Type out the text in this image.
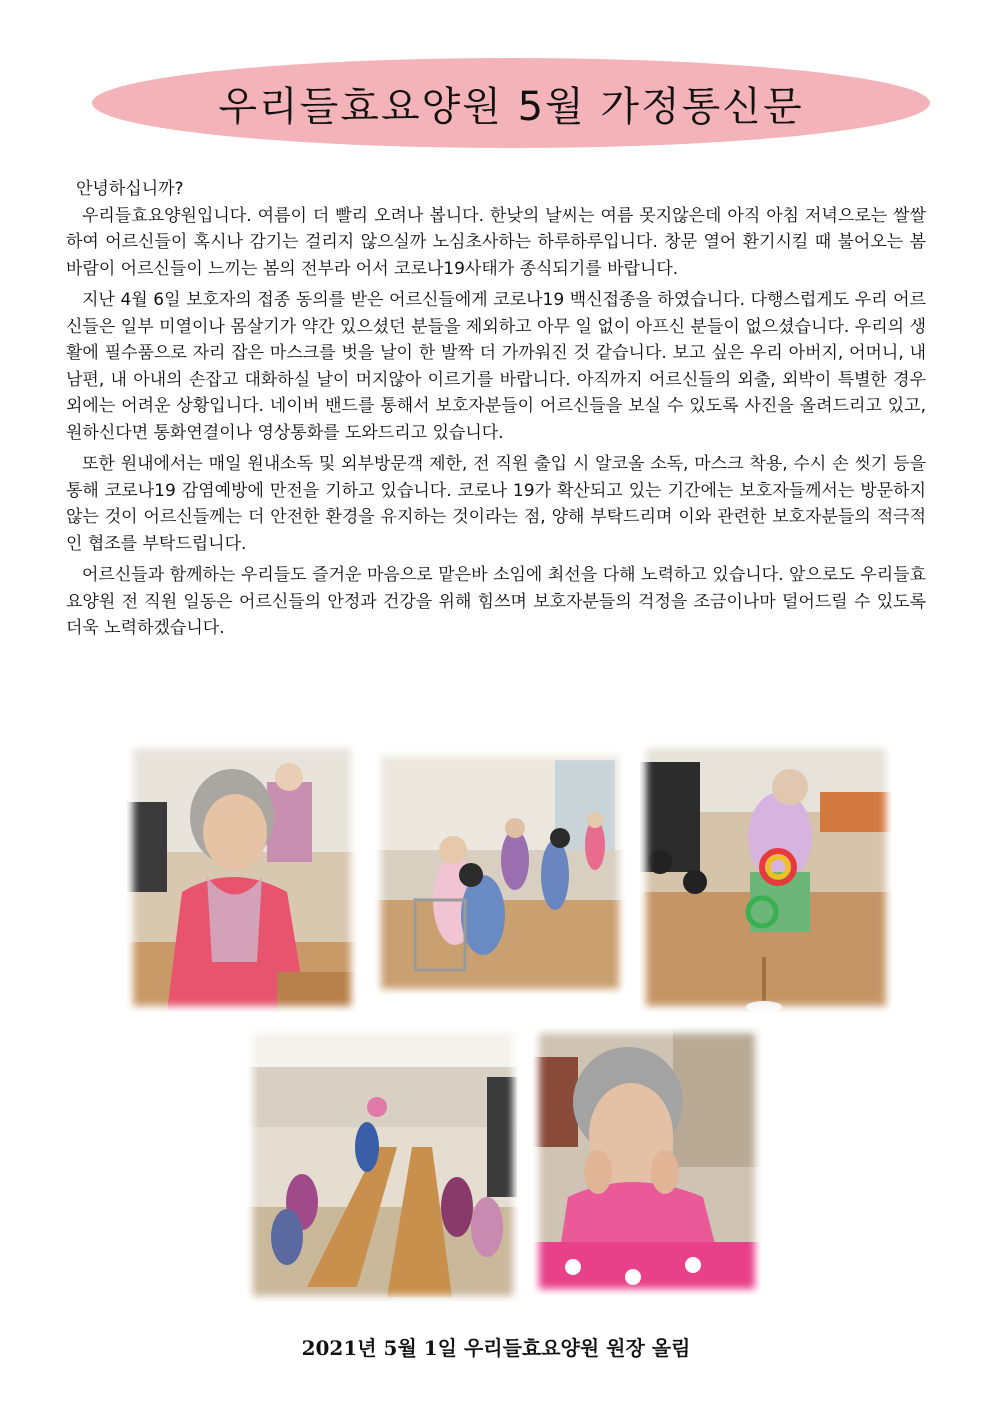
우리들효요양원 5월 가정통신문

안녕하십니까?

우리들효요양원입니다. 여름이 더 빨리 오려나 봅니다. 한낮의 날씨는 여름 못지않은데 아직 아침 저녁으로는 쌀쌀하여 어르신들이 혹시나 감기는 걸리지 않으실까 노심초사하는 하루하루입니다. 창문 열어 환기시킬 때 불어오는 봄바람이 어르신들이 느끼는 봄의 전부라 어서 코로나19사태가 종식되기를 바랍니다.

지난 4월 6일 보호자의 접종 동의를 받은 어르신들에게 코로나19 백신접종을 하였습니다. 다행스럽게도 우리 어르신들은 일부 미열이나 몸살기가 약간 있으셨던 분들을 제외하고 아무 일 없이 아프신 분들이 없으셨습니다. 우리의 생활에 필수품으로 자리 잡은 마스크를 벗을 날이 한 발짝 더 가까워진 것 같습니다. 보고 싶은 우리 아버지, 어머니, 내 남편, 내 아내의 손잡고 대화하실 날이 머지않아 이르기를 바랍니다. 아직까지 어르신들의 외출, 외박이 특별한 경우 외에는 어려운 상황입니다. 네이버 밴드를 통해서 보호자분들이 어르신들을 보실 수 있도록 사진을 올려드리고 있고, 원하신다면 통화연결이나 영상통화를 도와드리고 있습니다.

또한 원내에서는 매일 원내소독 및 외부방문객 제한, 전 직원 출입 시 알코올 소독, 마스크 착용, 수시 손 씻기 등을 통해 코로나19 감염예방에 만전을 기하고 있습니다. 코로나 19가 확산되고 있는 기간에는 보호자들께서는 방문하지 않는 것이 어르신들께는 더 안전한 환경을 유지하는 것이라는 점, 양해 부탁드리며 이와 관련한 보호자분들의 적극적인 협조를 부탁드립니다.

어르신들과 함께하는 우리들도 즐거운 마음으로 맡은바 소임에 최선을 다해 노력하고 있습니다. 앞으로도 우리들효요양원 전 직원 일동은 어르신들의 안정과 건강을 위해 힘쓰며 보호자분들의 걱정을 조금이나마 덜어드릴 수 있도록 더욱 노력하겠습니다.

2021년 5월 1일 우리들효요양원 원장 올림
